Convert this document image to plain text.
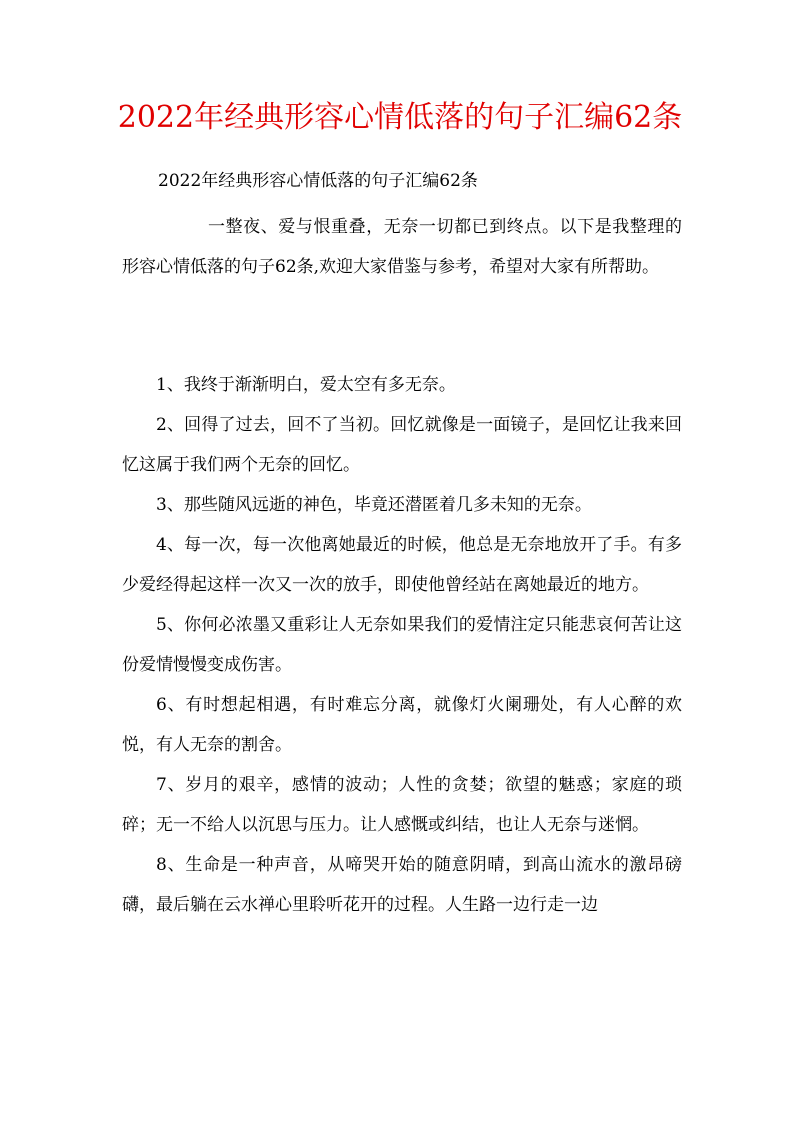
2022年经典形容心情低落的句子汇编62条
2022年经典形容心情低落的句子汇编62条
一整夜、爱与恨重叠，无奈一切都已到终点。以下是我整理的形容心情低落的句子62条,欢迎大家借鉴与参考，希望对大家有所帮助。

1、我终于渐渐明白，爱太空有多无奈。

2、回得了过去，回不了当初。回忆就像是一面镜子，是回忆让我来回忆这属于我们两个无奈的回忆。

3、那些随风远逝的神色，毕竟还潜匿着几多未知的无奈。

4、每一次，每一次他离她最近的时候，他总是无奈地放开了手。有多少爱经得起这样一次又一次的放手，即使他曾经站在离她最近的地方。

5、你何必浓墨又重彩让人无奈如果我们的爱情注定只能悲哀何苦让这份爱情慢慢变成伤害。

6、有时想起相遇，有时难忘分离，就像灯火阑珊处，有人心醉的欢悦，有人无奈的割舍。

7、岁月的艰辛，感情的波动；人性的贪婪；欲望的魅惑；家庭的琐碎；无一不给人以沉思与压力。让人感慨或纠结，也让人无奈与迷惘。

8、生命是一种声音，从啼哭开始的随意阴晴，到高山流水的激昂磅礴，最后躺在云水禅心里聆听花开的过程。人生路一边行走一边
